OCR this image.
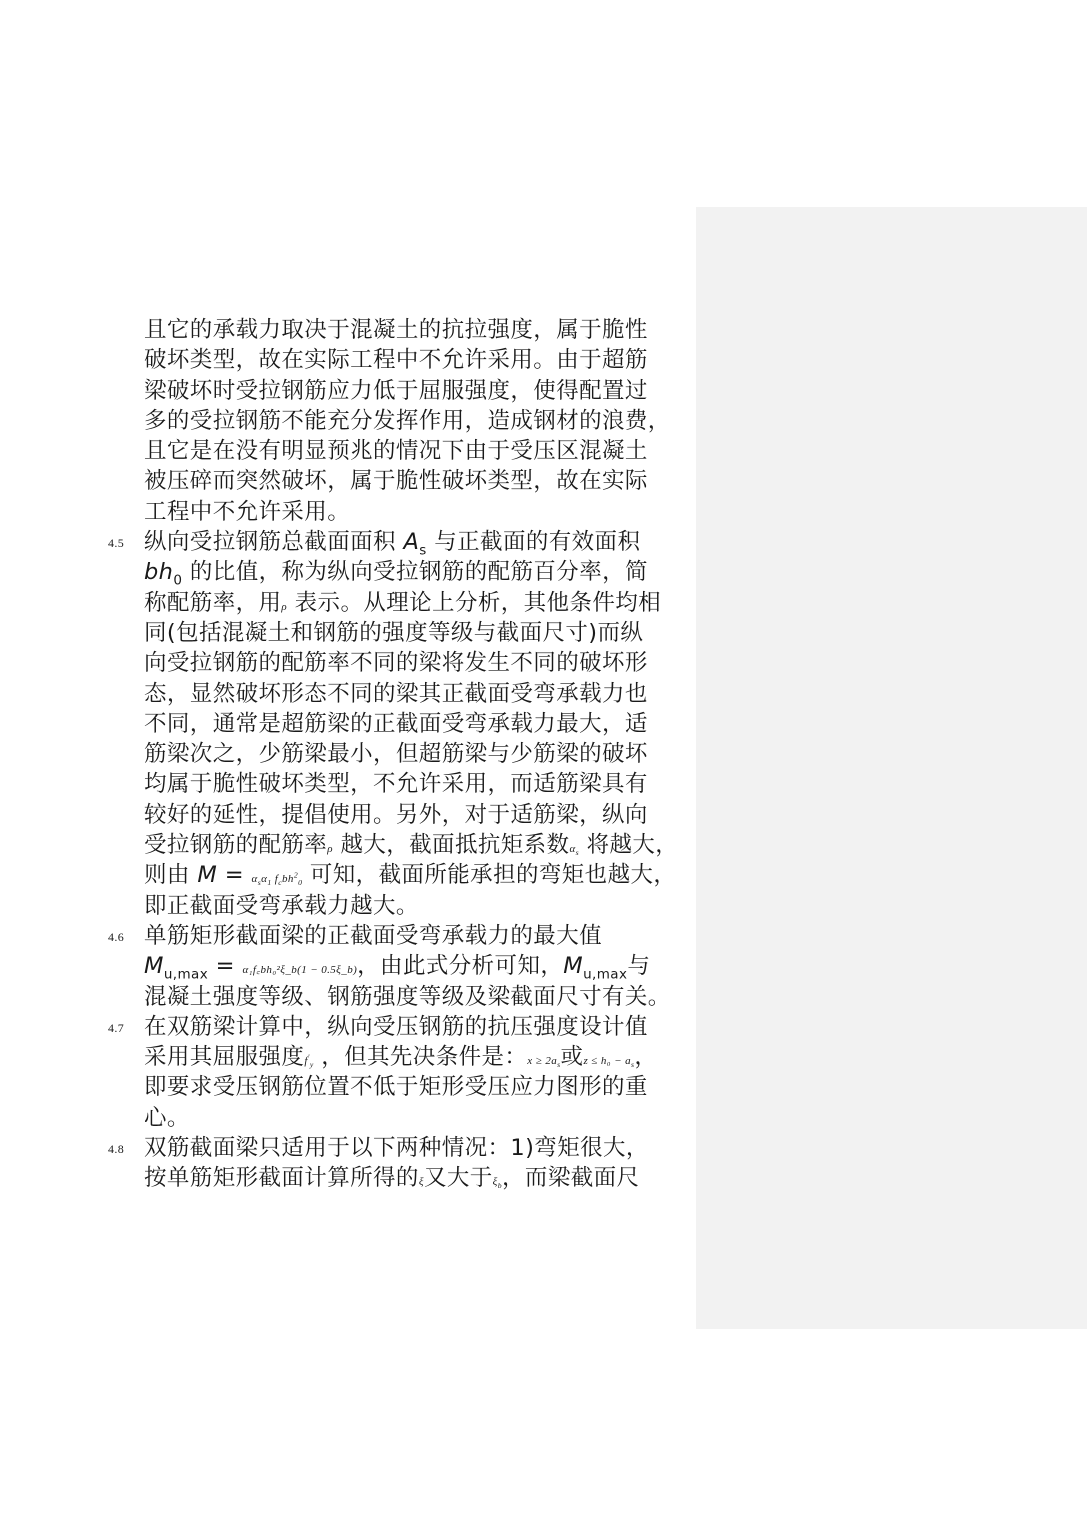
且它的承载力取决于混凝土的抗拉强度，属于脆性
破坏类型，故在实际工程中不允许采用。由于超筋
梁破坏时受拉钢筋应力低于屈服强度，使得配置过
多的受拉钢筋不能充分发挥作用，造成钢材的浪费，
且它是在没有明显预兆的情况下由于受压区混凝土
被压碎而突然破坏，属于脆性破坏类型，故在实际
工程中不允许采用。
4.5 纵向受拉钢筋总截面面积 $A_s$ 与正截面的有效面积
$bh_0$ 的比值，称为纵向受拉钢筋的配筋百分率，简
称配筋率，用ρ 表示。从理论上分析，其他条件均相
同(包括混凝土和钢筋的强度等级与截面尺寸)而纵
向受拉钢筋的配筋率不同的梁将发生不同的破坏形
态，显然破坏形态不同的梁其正截面受弯承载力也
不同，通常是超筋梁的正截面受弯承载力最大，适
筋梁次之，少筋梁最小，但超筋梁与少筋梁的破坏
均属于脆性破坏类型，不允许采用，而适筋梁具有
较好的延性，提倡使用。另外，对于适筋梁，纵向
受拉钢筋的配筋率ρ 越大，截面抵抗矩系数$\alpha_s$ 将越大，
则由 $M = \alpha_s\alpha_1$ $f_cbh^2_0$ 可知，截面所能承担的弯矩也越大，
即正截面受弯承载力越大。
4.6 单筋矩形截面梁的正截面受弯承载力的最大值
$M_{u,max}$ = α₁f꜀bh₀²ξ_b(1 − 0.5ξ_b)，由此式分析可知，$M_{u,max}$与
混凝土强度等级、钢筋强度等级及梁截面尺寸有关。
4.7 在双筋梁计算中，纵向受压钢筋的抗压强度设计值
采用其屈服强度$f'_y$ ，但其先决条件是：$x \ge 2a_s$或$z \le h_0 - a_s$，
即要求受压钢筋位置不低于矩形受压应力图形的重
心。
4.8 双筋截面梁只适用于以下两种情况：1)弯矩很大，
按单筋矩形截面计算所得的ξ又大于$\xi_b$，而梁截面尺
